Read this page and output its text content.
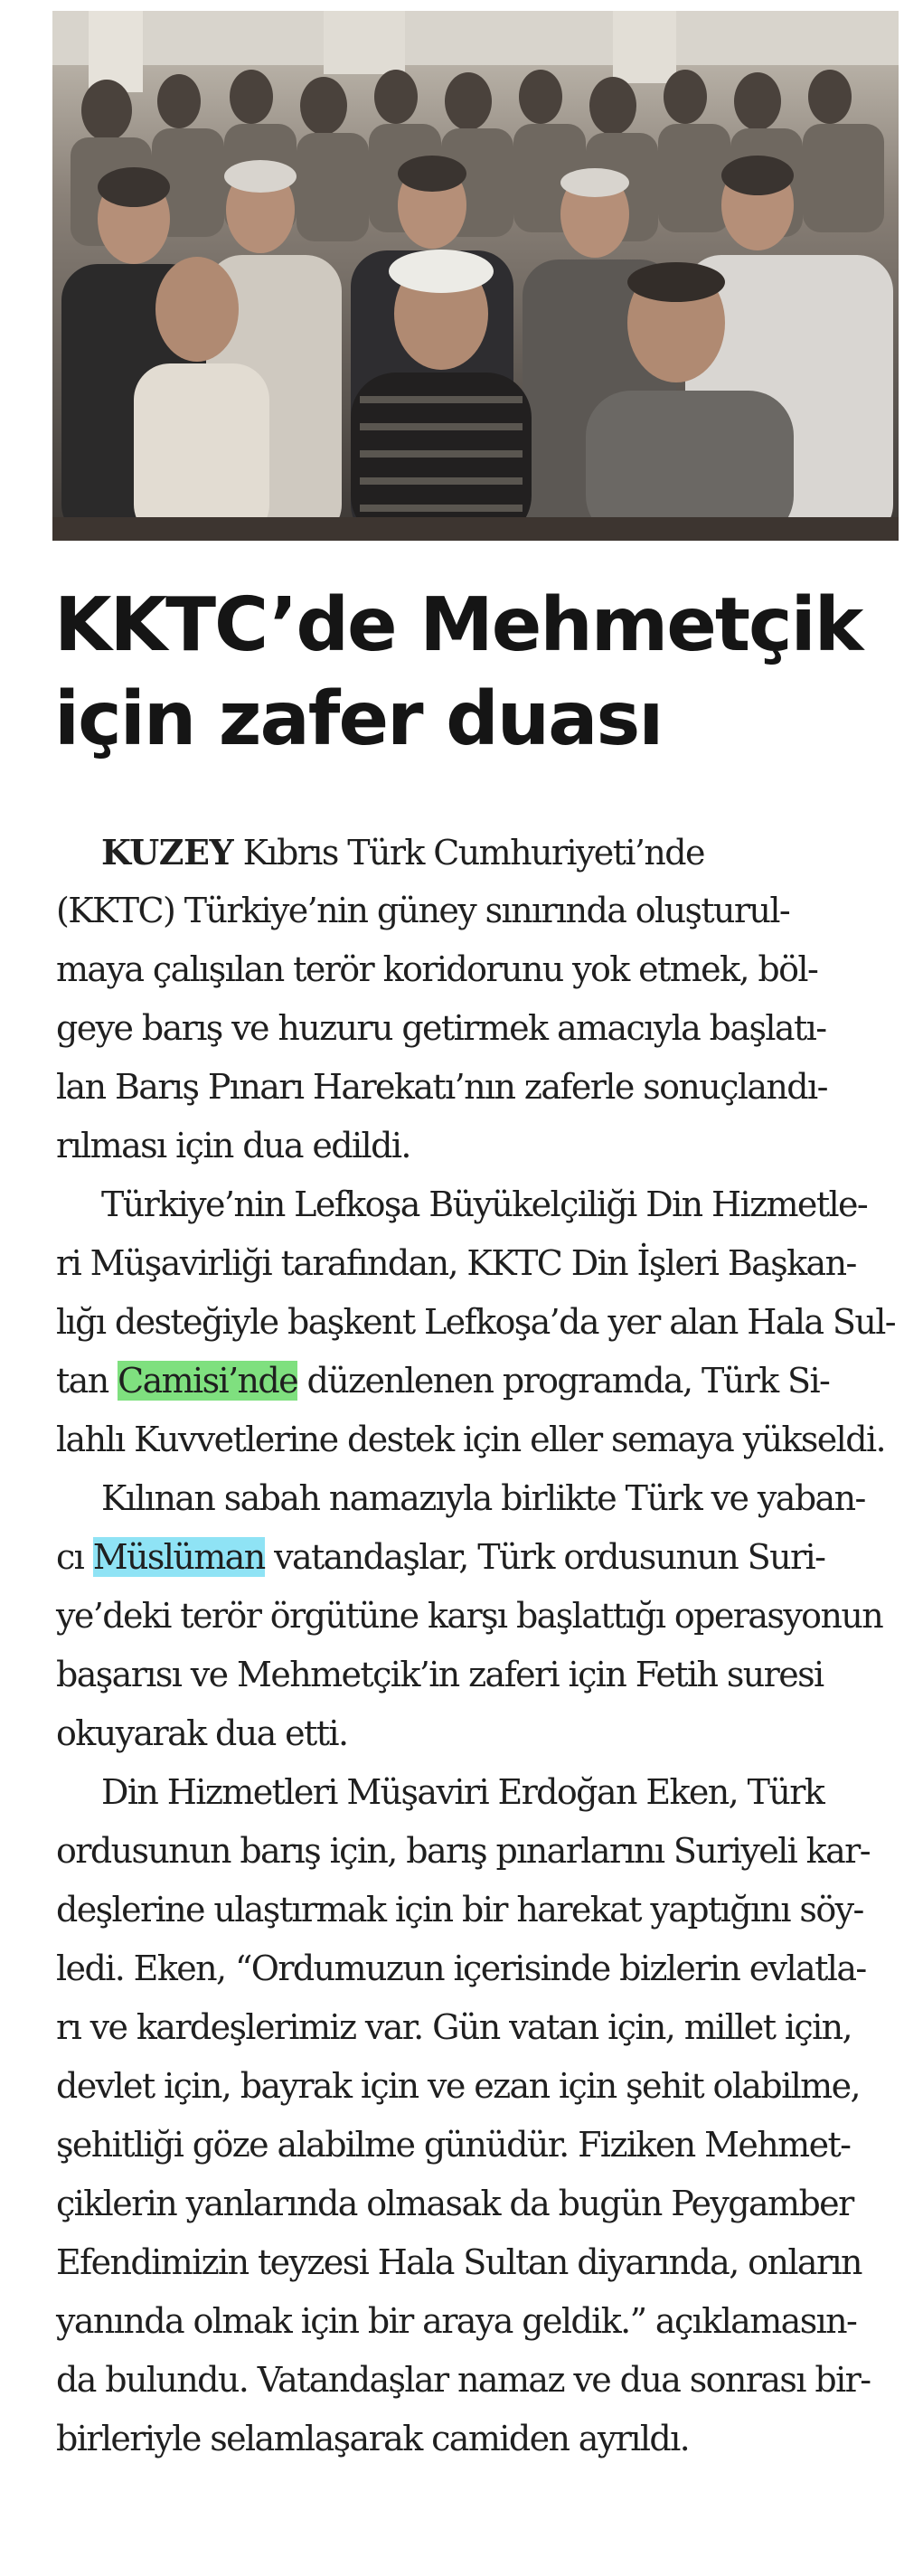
KKTC’de Mehmetçik
için zafer duası
KUZEY Kıbrıs Türk Cumhuriyeti’nde
(KKTC) Türkiye’nin güney sınırında oluşturul-
maya çalışılan terör koridorunu yok etmek, böl-
geye barış ve huzuru getirmek amacıyla başlatı-
lan Barış Pınarı Harekatı’nın zaferle sonuçlandı-
rılması için dua edildi.
Türkiye’nin Lefkoşa Büyükelçiliği Din Hizmetle-
ri Müşavirliği tarafından, KKTC Din İşleri Başkan-
lığı desteğiyle başkent Lefkoşa’da yer alan Hala Sul-
tan Camisi’nde düzenlenen programda, Türk Si-
lahlı Kuvvetlerine destek için eller semaya yükseldi.
Kılınan sabah namazıyla birlikte Türk ve yaban-
cı Müslüman vatandaşlar, Türk ordusunun Suri-
ye’deki terör örgütüne karşı başlattığı operasyonun
başarısı ve Mehmetçik’in zaferi için Fetih suresi
okuyarak dua etti.
Din Hizmetleri Müşaviri Erdoğan Eken, Türk
ordusunun barış için, barış pınarlarını Suriyeli kar-
deşlerine ulaştırmak için bir harekat yaptığını söy-
ledi. Eken, “Ordumuzun içerisinde bizlerin evlatla-
rı ve kardeşlerimiz var. Gün vatan için, millet için,
devlet için, bayrak için ve ezan için şehit olabilme,
şehitliği göze alabilme günüdür. Fiziken Mehmet-
çiklerin yanlarında olmasak da bugün Peygamber
Efendimizin teyzesi Hala Sultan diyarında, onların
yanında olmak için bir araya geldik.” açıklamasın-
da bulundu. Vatandaşlar namaz ve dua sonrası bir-
birleriyle selamlaşarak camiden ayrıldı.
